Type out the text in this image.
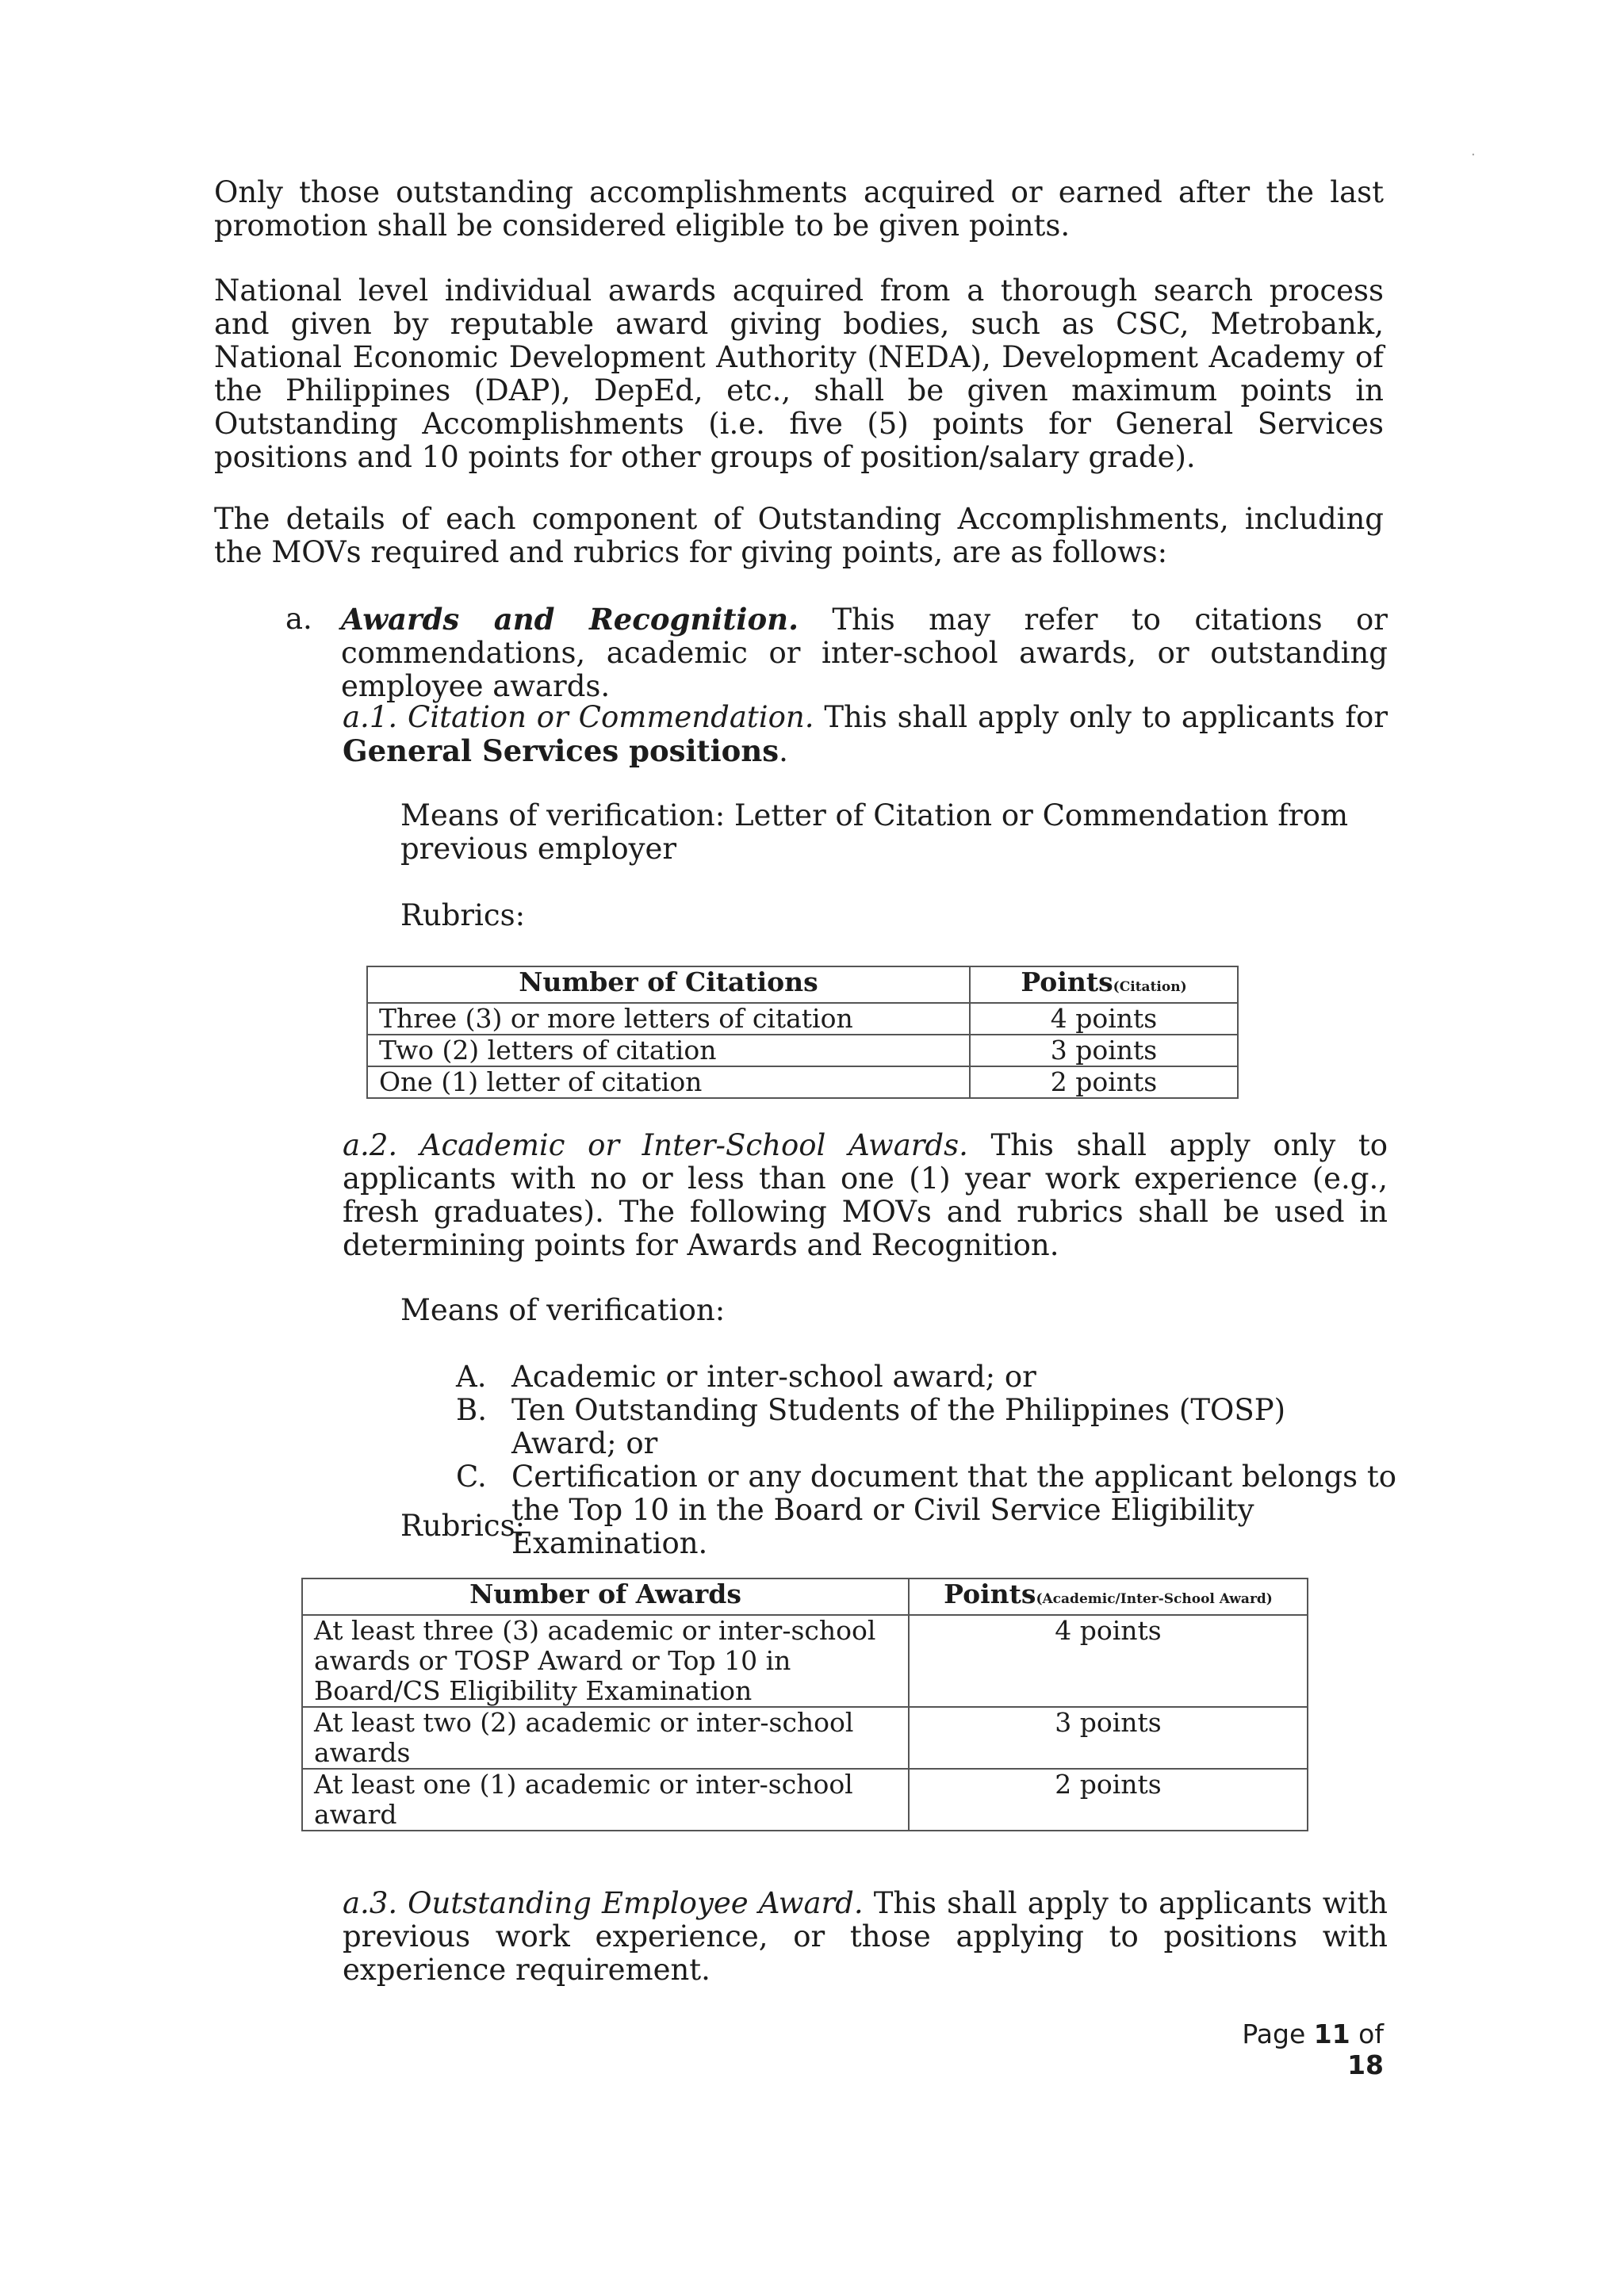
.

Only those outstanding accomplishments acquired or earned after the last promotion shall be considered eligible to be given points.

National level individual awards acquired from a thorough search process and given by reputable award giving bodies, such as CSC, Metrobank, National Economic Development Authority (NEDA), Development Academy of the Philippines (DAP), DepEd, etc., shall be given maximum points in Outstanding Accomplishments (i.e. five (5) points for General Services positions and 10 points for other groups of position/salary grade).

The details of each component of Outstanding Accomplishments, including the MOVs required and rubrics for giving points, are as follows:

a. Awards and Recognition. This may refer to citations or commendations, academic or inter-school awards, or outstanding employee awards.
a.1. Citation or Commendation. This shall apply only to applicants for General Services positions.
Means of verification: Letter of Citation or Commendation from previous employer
Rubrics:
Number of Citations	Points(Citation)
Three (3) or more letters of citation	4 points
Two (2) letters of citation	3 points
One (1) letter of citation	2 points
a.2. Academic or Inter-School Awards. This shall apply only to applicants with no or less than one (1) year work experience (e.g., fresh graduates). The following MOVs and rubrics shall be used in determining points for Awards and Recognition.
Means of verification:
A. Academic or inter-school award; or
B. Ten Outstanding Students of the Philippines (TOSP) Award; or
C. Certification or any document that the applicant belongs to the Top 10 in the Board or Civil Service Eligibility Examination.
Rubrics:
Number of Awards	Points(Academic/Inter-School Award)
At least three (3) academic or inter-school awards or TOSP Award or Top 10 in Board/CS Eligibility Examination	4 points
At least two (2) academic or inter-school awards	3 points
At least one (1) academic or inter-school award	2 points
a.3. Outstanding Employee Award. This shall apply to applicants with previous work experience, or those applying to positions with experience requirement.
Page 11 of 18
